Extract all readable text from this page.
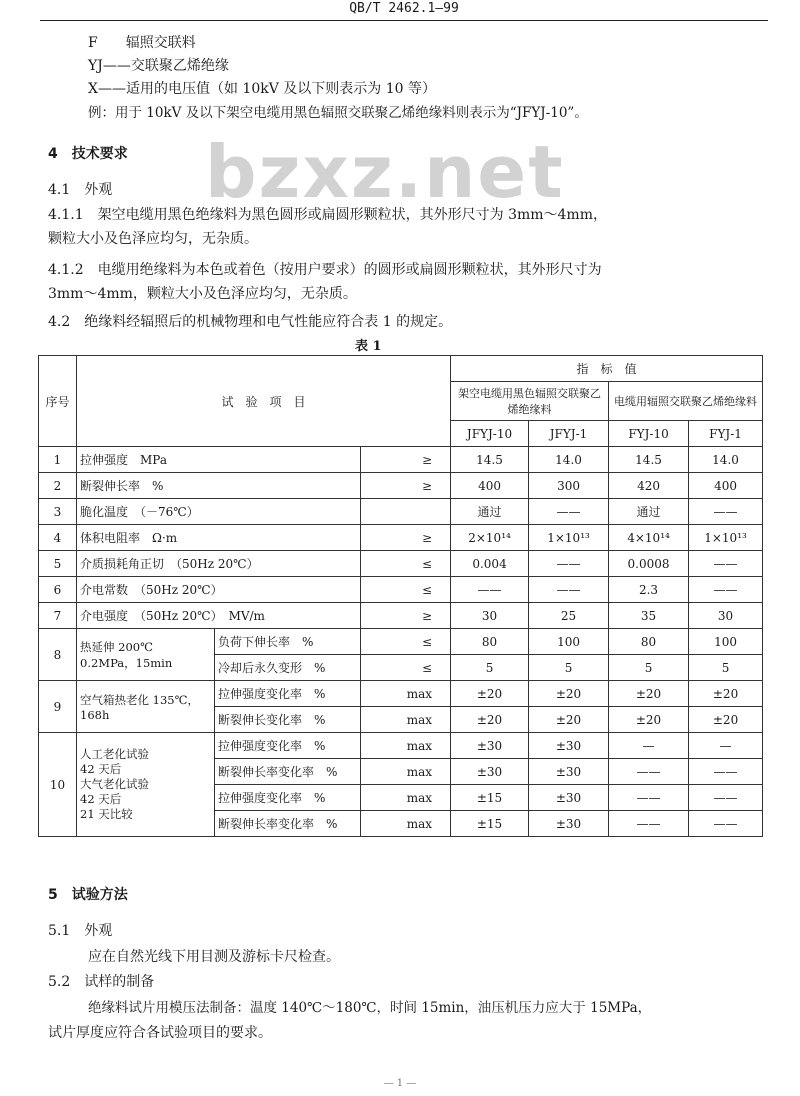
QB/T 2462.1—99
bzxz.net
F　　辐照交联料
YJ——交联聚乙烯绝缘
X——适用的电压值（如 10kV 及以下则表示为 10 等）
例：用于 10kV 及以下架空电缆用黑色辐照交联聚乙烯绝缘料则表示为“JFYJ-10”。
4　技术要求
4.1　外观
4.1.1　架空电缆用黑色绝缘料为黑色圆形或扁圆形颗粒状，其外形尺寸为 3mm～4mm，
颗粒大小及色泽应均匀，无杂质。
4.1.2　电缆用绝缘料为本色或着色（按用户要求）的圆形或扁圆形颗粒状，其外形尺寸为
3mm～4mm，颗粒大小及色泽应均匀，无杂质。
4.2　绝缘料经辐照后的机械物理和电气性能应符合表 1 的规定。
表 1
序号	试　验　项　目			指　标　值			
				架空电缆用黑色辐照交联聚乙烯绝缘料		电缆用辐照交联聚乙烯绝缘料	
				JFYJ-10	JFYJ-1	FYJ-10	FYJ-1
1	拉伸强度　MPa		≥	14.5	14.0	14.5	14.0
2	断裂伸长率　%		≥	400	300	420	400
3	脆化温度　（－76℃）			通过	——	通过	——
4	体积电阻率　Ω·m		≥	2×10¹⁴	1×10¹³	4×10¹⁴	1×10¹³
5	介质损耗角正切　（50Hz 20℃）		≤	0.004	——	0.0008	——
6	介电常数　（50Hz 20℃）		≤	——	——	2.3	——
7	介电强度　（50Hz 20℃）　MV/m		≥	30	25	35	30
8	热延伸 200℃ 0.2MPa，15min	负荷下伸长率　%	≤	80	100	80	100
		冷却后永久变形　%	≤	5	5	5	5
9	空气箱热老化 135℃，168h	拉伸强度变化率　%	max	±20	±20	±20	±20
		断裂伸长变化率　%	max	±20	±20	±20	±20
10	人工老化试验
42 天后
大气老化试验
42 天后
21 天比较	拉伸强度变化率　%	max	±30	±30	—	—
		断裂伸长率变化率　%	max	±30	±30	——	——
		拉伸强度变化率　%	max	±15	±30	——	——
		断裂伸长率变化率　%	max	±15	±30	——	——
5　试验方法
5.1　外观
应在自然光线下用目测及游标卡尺检查。
5.2　试样的制备
绝缘料试片用模压法制备：温度 140℃～180℃，时间 15min，油压机压力应大于 15MPa，
试片厚度应符合各试验项目的要求。
— 1 —
